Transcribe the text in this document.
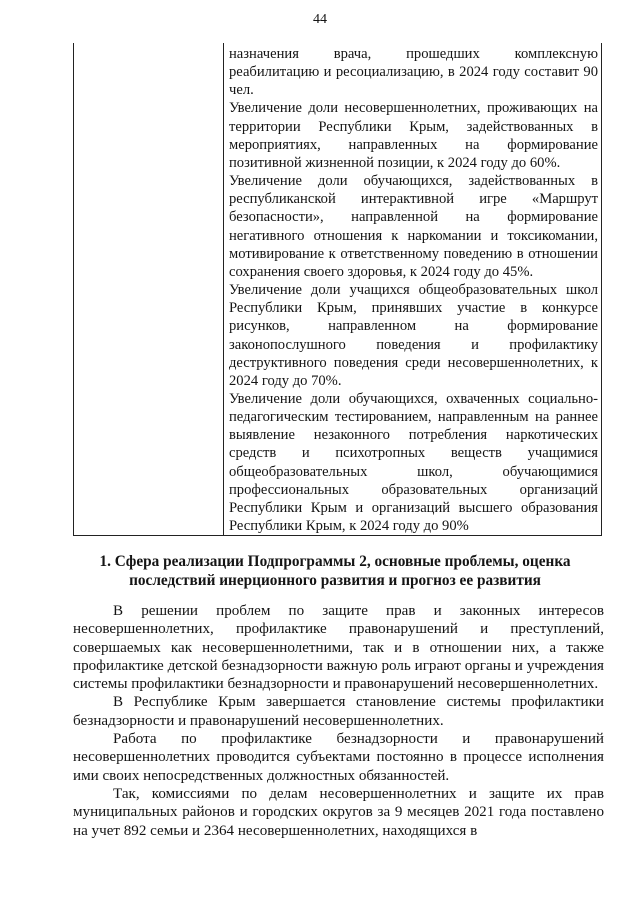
44

назначения врача, прошедших комплексную реабилитацию и ресоциализацию, в 2024 году составит 90 чел.

Увеличение доли несовершеннолетних, проживающих на территории Республики Крым, задействованных в мероприятиях, направленных на формирование позитивной жизненной позиции, к 2024 году до 60%.

Увеличение доли обучающихся, задействованных в республиканской интерактивной игре «Маршрут безопасности», направленной на формирование негативного отношения к наркомании и токсикомании, мотивирование к ответственному поведению в отношении сохранения своего здоровья, к 2024 году до 45%.

Увеличение доли учащихся общеобразовательных школ Республики Крым, принявших участие в конкурсе рисунков, направленном на формирование законопослушного поведения и профилактику деструктивного поведения среди несовершеннолетних, к 2024 году до 70%.

Увеличение доли обучающихся, охваченных социально-педагогическим тестированием, направленным на раннее выявление незаконного потребления наркотических средств и психотропных веществ учащимися общеобразовательных школ, обучающимися профессиональных образовательных организаций Республики Крым и организаций высшего образования Республики Крым, к 2024 году до 90%

1. Сфера реализации Подпрограммы 2, основные проблемы, оценка
последствий инерционного развития и прогноз ее развития

В решении проблем по защите прав и законных интересов несовершеннолетних, профилактике правонарушений и преступлений, совершаемых как несовершеннолетними, так и в отношении них, а также профилактике детской безнадзорности важную роль играют органы и учреждения системы профилактики безнадзорности и правонарушений несовершеннолетних.

В Республике Крым завершается становление системы профилактики безнадзорности и правонарушений несовершеннолетних.

Работа по профилактике безнадзорности и правонарушений несовершеннолетних проводится субъектами постоянно в процессе исполнения ими своих непосредственных должностных обязанностей.

Так, комиссиями по делам несовершеннолетних и защите их прав муниципальных районов и городских округов за 9 месяцев 2021 года поставлено на учет 892 семьи и 2364 несовершеннолетних, находящихся в
